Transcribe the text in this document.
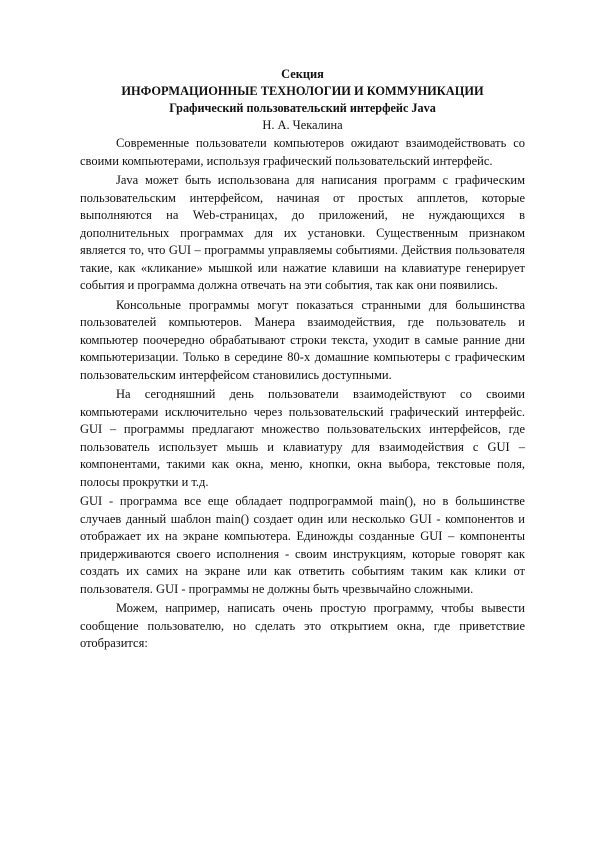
Секция

ИНФОРМАЦИОННЫЕ ТЕХНОЛОГИИ И КОММУНИКАЦИИ

Графический пользовательский интерфейс Java

Н. А. Чекалина

Современные пользователи компьютеров ожидают взаимодействовать со своими компьютерами, используя графический пользовательский интерфейс.

Java может быть использована для написания программ с графическим пользовательским интерфейсом, начиная от простых апплетов, которые выполняются на Web-страницах, до приложений, не нуждающихся в дополнительных программах для их установки. Существенным признаком является то, что GUI – программы управляемы событиями. Действия пользователя такие, как «кликание» мышкой или нажатие клавиши на клавиатуре генерирует события и программа должна отвечать на эти события, так как они появились.

Консольные программы могут показаться странными для большинства пользователей компьютеров. Манера взаимодействия, где пользователь и компьютер поочередно обрабатывают строки текста, уходит в самые ранние дни компьютеризации. Только в середине 80-х домашние компьютеры с графическим пользовательским интерфейсом становились доступными.

На сегодняшний день пользователи взаимодействуют со своими компьютерами исключительно через пользовательский графический интерфейс. GUI – программы предлагают множество пользовательских интерфейсов, где пользователь использует мышь и клавиатуру для взаимодействия с GUI – компонентами, такими как окна, меню, кнопки, окна выбора, текстовые поля, полосы прокрутки и т.д.

GUI - программа все еще обладает подпрограммой main(), но в большинстве случаев данный шаблон main() создает один или несколько GUI - компонентов и отображает их на экране компьютера. Единожды созданные GUI – компоненты придерживаются своего исполнения - своим инструкциям, которые говорят как создать их самих на экране или как ответить событиям таким как клики от пользователя. GUI - программы не должны быть чрезвычайно сложными.

Можем, например, написать очень простую программу, чтобы вывести сообщение пользователю, но сделать это открытием окна, где приветствие отобразится:
